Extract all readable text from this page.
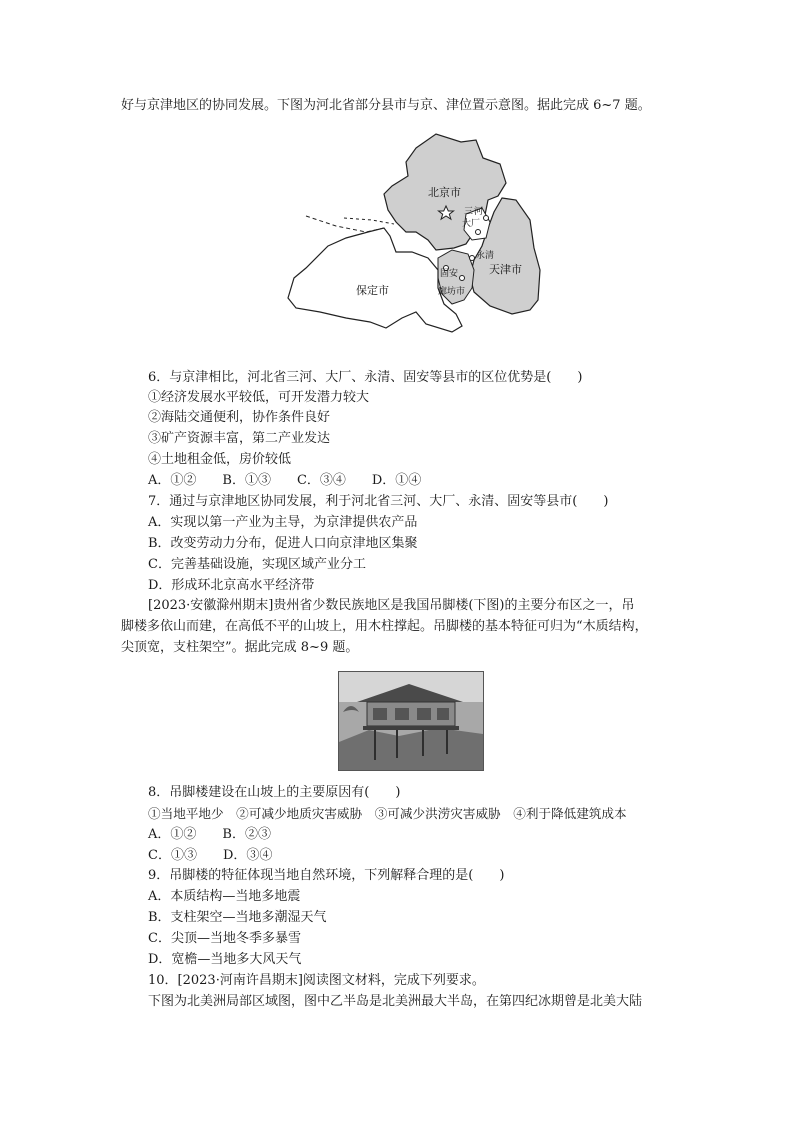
好与京津地区的协同发展。下图为河北省部分县市与京、津位置示意图。据此完成 6~7 题。
北京市
三 河
大厂
永清
固安
廊坊市
天津市
保定市
6．与京津相比，河北省三河、大厂、永清、固安等县市的区位优势是(　　)
①经济发展水平较低，可开发潜力较大
②海陆交通便利，协作条件良好
③矿产资源丰富，第二产业发达
④土地租金低，房价较低
A．①②　　B．①③　　C．③④　　D．①④
7．通过与京津地区协同发展，利于河北省三河、大厂、永清、固安等县市(　　)
A．实现以第一产业为主导，为京津提供农产品
B．改变劳动力分布，促进人口向京津地区集聚
C．完善基础设施，实现区域产业分工
D．形成环北京高水平经济带
[2023·安徽滁州期末]贵州省少数民族地区是我国吊脚楼(下图)的主要分布区之一，吊
脚楼多依山而建，在高低不平的山坡上，用木柱撑起。吊脚楼的基本特征可归为“木质结构，
尖顶宽，支柱架空”。据此完成 8~9 题。
8．吊脚楼建设在山坡上的主要原因有(　　)
①当地平地少　②可减少地质灾害威胁　③可减少洪涝灾害威胁　④利于降低建筑成本
A．①②　　B．②③
C．①③　　D．③④
9．吊脚楼的特征体现当地自然环境，下列解释合理的是(　　)
A．本质结构—当地多地震
B．支柱架空—当地多潮湿天气
C．尖顶—当地冬季多暴雪
D．宽檐—当地多大风天气
10．[2023·河南许昌期末]阅读图文材料，完成下列要求。
下图为北美洲局部区域图，图中乙半岛是北美洲最大半岛，在第四纪冰期曾是北美大陆
